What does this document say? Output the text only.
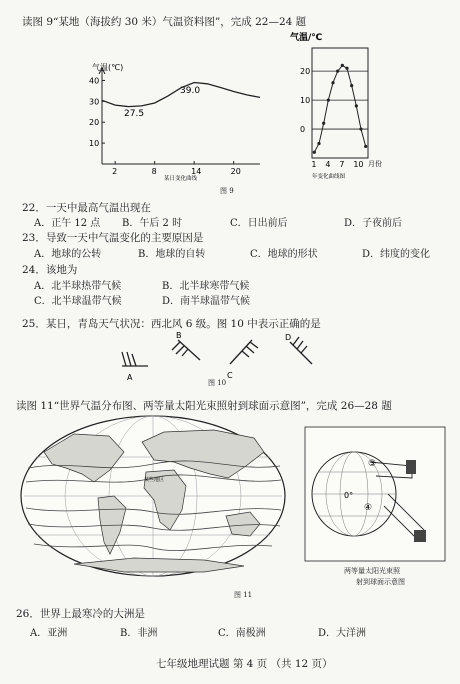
读图 9“某地（海拔约 30 米）气温资料图”，完成 22—24 题
10
20
30
40
2	8	14	20
气温(℃)
27.5
39.0
某日变化曲线
0
10
20
1 4 7 10
气温/℃
月份
年变化曲线图
图 9
22．一天中最高气温出现在
A．正午 12 点 B．午后 2 时	C．日出前后	D．子夜前后
23．导致一天中气温变化的主要原因是
A．地球的公转	B．地球的自转	C．地球的形状	D．纬度的变化
24．该地为
A．北半球热带气候	B．北半球寒带气候
C．北半球温带气候	D．南半球温带气候
25．某日，青岛天气状况：西北风 6 级。图 10 中表示正确的是
A
B
C
D
图 10
读图 11“世界气温分布图、两等量太阳光束照射到球面示意图”，完成 26—28 题
某些地区
③
④
0°
两等量太阳光束照
射到球面示意图
图 11
26．世界上最寒冷的大洲是
A．亚洲	B．非洲	C．南极洲	D．大洋洲
七年级地理试题 第 4 页 （共 12 页）
